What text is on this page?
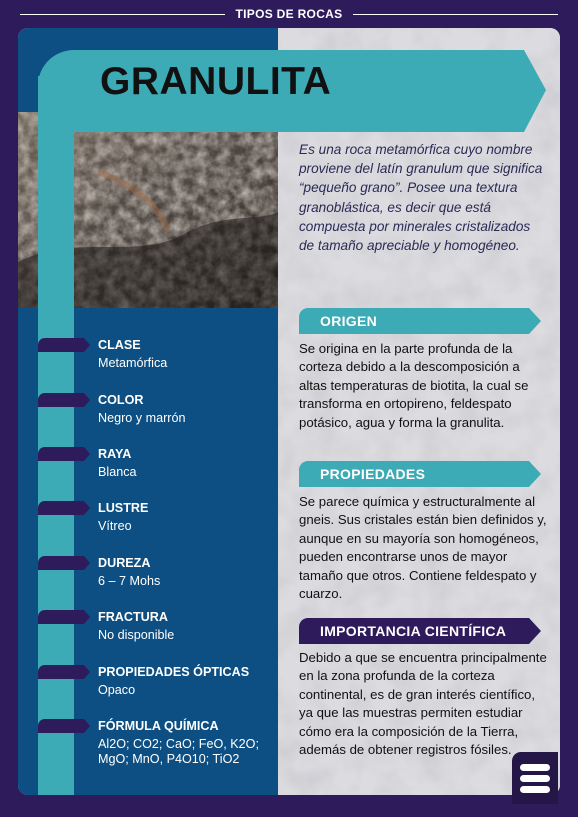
TIPOS DE ROCAS
GRANULITA
Es una roca metamórfica cuyo nombre proviene del latín granulum que significa “pequeño grano”. Posee una textura granoblástica, es decir que está compuesta por minerales cristalizados de tamaño apreciable y homogéneo.
ORIGEN
Se origina en la parte profunda de la corteza debido a la descomposición a altas temperaturas de biotita, la cual se transforma en ortopireno, feldespato potásico, agua y forma la granulita.
PROPIEDADES
Se parece química y estructuralmente al gneis. Sus cristales están bien definidos y, aunque en su mayoría son homogéneos, pueden encontrarse unos de mayor tamaño que otros. Contiene feldespato y cuarzo.
IMPORTANCIA CIENTÍFICA
Debido a que se encuentra principalmente en la zona profunda de la corteza continental, es de gran interés científico, ya que las muestras permiten estudiar cómo era la composición de la Tierra, además de obtener registros fósiles.
CLASE
Metamórfica
COLOR
Negro y marrón
RAYA
Blanca
LUSTRE
Vítreo
DUREZA
6 – 7 Mohs
FRACTURA
No disponible
PROPIEDADES ÓPTICAS
Opaco
FÓRMULA QUÍMICA
Al2O; CO2; CaO; FeO, K2O; MgO; MnO, P4O10; TiO2
